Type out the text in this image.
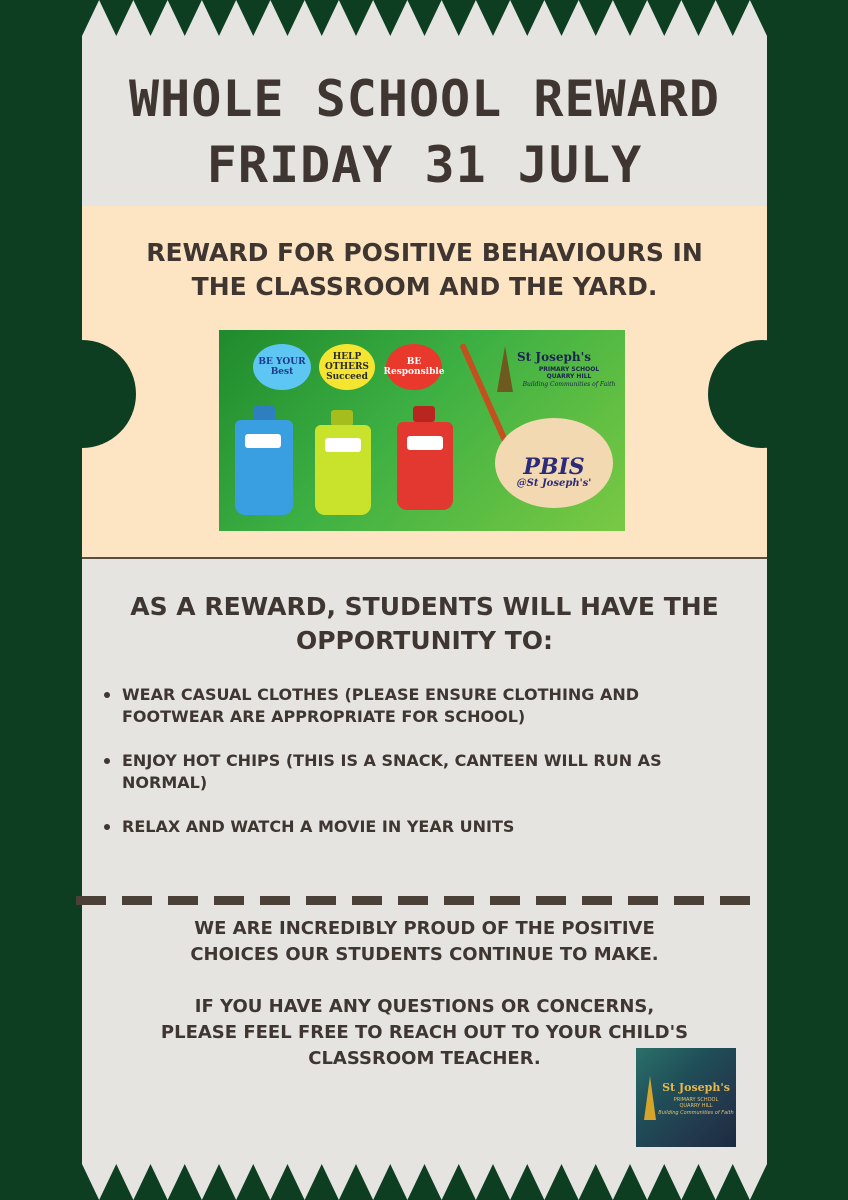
WHOLE SCHOOL REWARD
FRIDAY 31 JULY
REWARD FOR POSITIVE BEHAVIOURS IN
THE CLASSROOM AND THE YARD.
BE YOUR
Best
HELP
OTHERS
Succeed
BE
Responsible
PBIS
@St Joseph's'
St Joseph's
PRIMARY SCHOOL
QUARRY HILL
Building Communities of Faith
AS A REWARD, STUDENTS WILL HAVE THE
OPPORTUNITY TO:
WEAR CASUAL CLOTHES (PLEASE ENSURE CLOTHING AND FOOTWEAR ARE APPROPRIATE FOR SCHOOL)
ENJOY HOT CHIPS (THIS IS A SNACK, CANTEEN WILL RUN AS NORMAL)
RELAX AND WATCH A MOVIE IN YEAR UNITS
WE ARE INCREDIBLY PROUD OF THE POSITIVE
CHOICES OUR STUDENTS CONTINUE TO MAKE.
IF YOU HAVE ANY QUESTIONS OR CONCERNS,
PLEASE FEEL FREE TO REACH OUT TO YOUR CHILD'S
CLASSROOM TEACHER.
St Joseph's
PRIMARY SCHOOL
QUARRY HILL
Building Communities of Faith
